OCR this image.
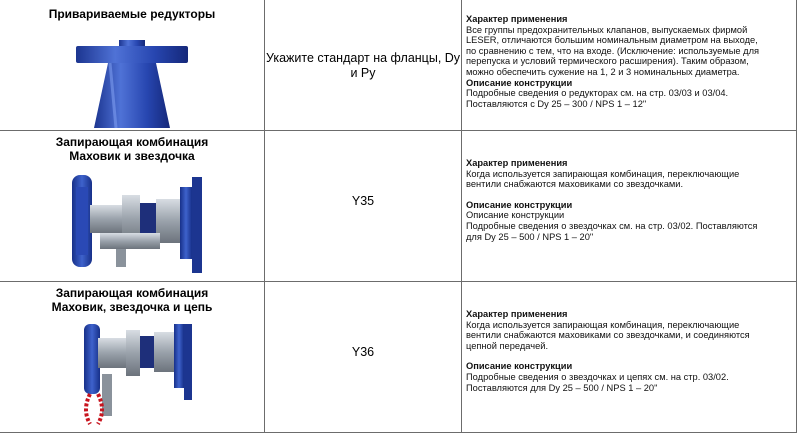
Привариваемые редукторы
Укажите стандарт на фланцы, Dy и Py
Характер применения

Все группы предохранительных клапанов, выпускаемых фирмой

LESER, отличаются большим номинальным диаметром на выходе,

по сравнению с тем, что на входе. (Исключение: используемые для

перепуска и условий термического расширения). Таким образом,

можно обеспечить сужение на 1, 2 и 3 номинальных диаметра.

Описание конструкции

Подробные сведения о редукторах см. на стр. 03/03 и 03/04.

Поставляются с Dy 25 – 300 / NPS 1 – 12"

Запирающая комбинация
Маховик и звездочка
Y35
Характер применения

Когда используется запирающая комбинация, переключающие

вентили снабжаются маховиками со звездочками.

Описание конструкции

Описание конструкции

Подробные сведения о звездочках см. на стр. 03/02. Поставляются

для Dy 25 – 500 / NPS 1 – 20"

Запирающая комбинация
Маховик, звездочка и цепь
Y36
Характер применения

Когда используется запирающая комбинация, переключающие

вентили снабжаются маховиками со звездочками, и соединяются

цепной передачей.

Описание конструкции

Подробные сведения о звездочках и цепях см. на стр. 03/02.

Поставляются для Dy 25 – 500 / NPS 1 – 20"
